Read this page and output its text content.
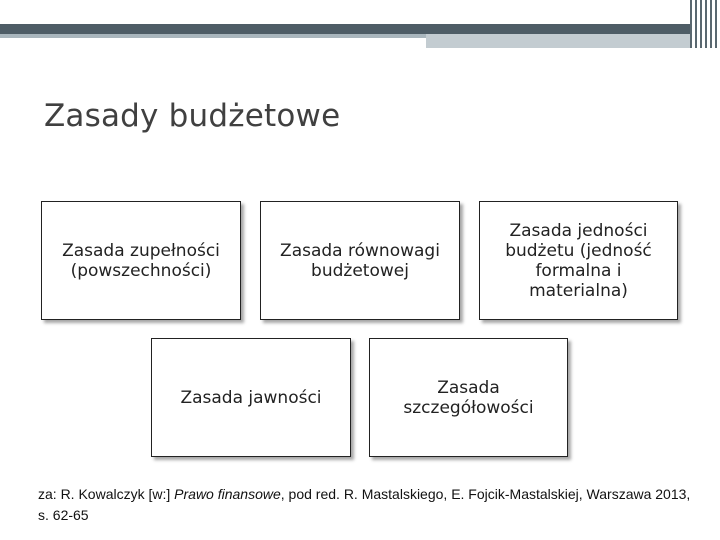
Zasady budżetowe
Zasada zupełności (powszechności)
Zasada równowagi budżetowej
Zasada jedności budżetu (jedność formalna i materialna)
Zasada jawności	Zasada szczegółowości
za: R. Kowalczyk [w:] Prawo finansowe, pod red. R. Mastalskiego, E. Fojcik-Mastalskiej, Warszawa 2013, s. 62-65
